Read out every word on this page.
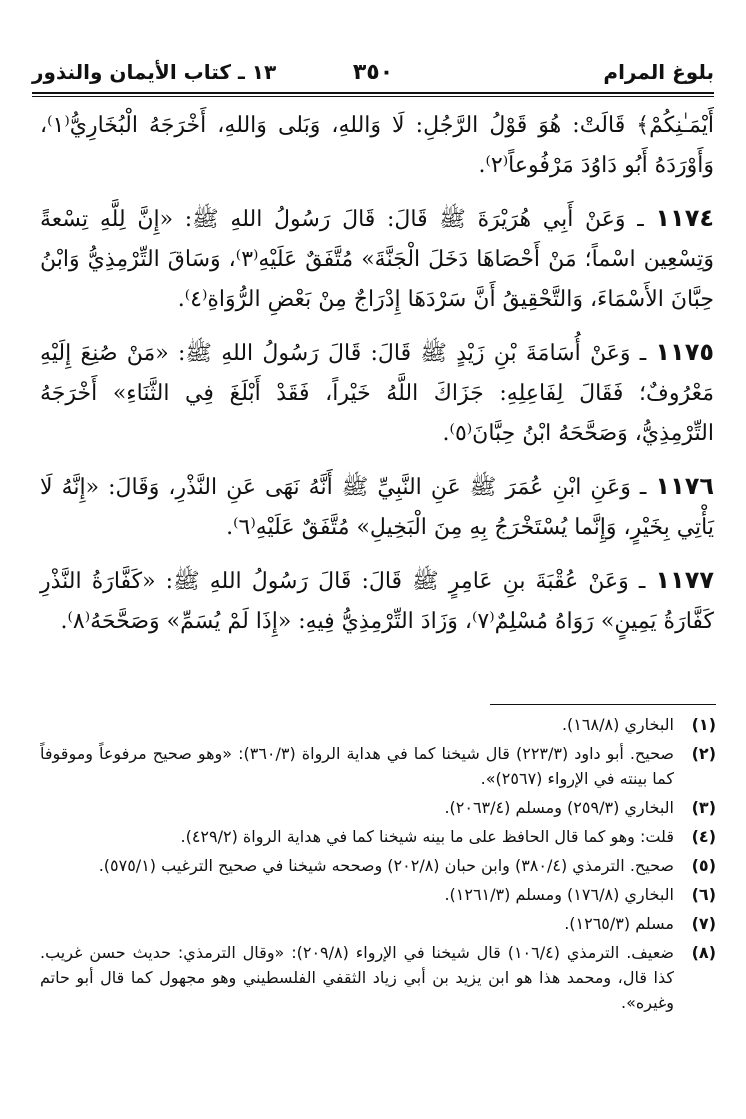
بلوغ المرام
٣٥٠
١٣ ـ كتاب الأيمان والنذور

أَيْمَـٰنِكُمْ﴾ قَالَتْ: هُوَ قَوْلُ الرَّجُلِ: لَا وَاللهِ، وَبَلى وَاللهِ، أَخْرَجَهُ الْبُخَارِيُّ⁽١⁾، وَأَوْرَدَهُ أَبُو دَاوُدَ مَرْفُوعاً⁽٢⁾.

١١٧٤ ـ وَعَنْ أَبِي هُرَيْرَةَ ﷺ قَالَ: قَالَ رَسُولُ اللهِ ﷺ: «إِنَّ لِلَّهِ تِسْعةً وَتِسْعِين اسْماً؛ مَنْ أَحْصَاهَا دَخَلَ الْجَنَّةَ» مُتَّفَقٌ عَلَيْهِ⁽٣⁾، وَسَاقَ التِّرْمِذِيُّ وَابْنُ حِبَّانَ الأَسْمَاءَ، وَالتَّحْقِيقُ أَنَّ سَرْدَهَا إِدْرَاجٌ مِنْ بَعْضِ الرُّوَاةِ⁽٤⁾.

١١٧٥ ـ وَعَنْ أُسَامَةَ بْنِ زَيْدٍ ﷺ قَالَ: قَالَ رَسُولُ اللهِ ﷺ: «مَنْ صُنِعَ إِلَيْهِ مَعْرُوفٌ؛ فَقَالَ لِفَاعِلِهِ: جَزَاكَ اللَّهُ خَيْراً، فَقَدْ أَبْلَغَ فِي الثَّنَاءِ» أَخْرَجَهُ التِّرْمِذِيُّ، وَصَحَّحَهُ ابْنُ حِبَّانَ⁽٥⁾.

١١٧٦ ـ وَعَنِ ابْنِ عُمَرَ ﷺ عَنِ النَّبِيِّ ﷺ أَنَّهُ نَهَى عَنِ النَّذْرِ، وَقَالَ: «إِنَّهُ لَا يَأْتِي بِخَيْرٍ، وَإِنَّما يُسْتَخْرَجُ بِهِ مِنَ الْبَخِيلِ» مُتَّفَقٌ عَلَيْهِ⁽٦⁾.

١١٧٧ ـ وَعَنْ عُقْبَةَ بنِ عَامِرٍ ﷺ قَالَ: قَالَ رَسُولُ اللهِ ﷺ: «كَفَّارَةُ النَّذْرِ كَفَّارَةُ يَمِينٍ» رَوَاهُ مُسْلِمٌ⁽٧⁾، وَزَادَ التِّرْمِذِيُّ فِيهِ: «إِذَا لَمْ يُسَمِّ» وَصَحَّحَهُ⁽٨⁾.

(١)
البخاري (١٦٨/٨).
(٢)
صحيح. أبو داود (٢٢٣/٣) قال شيخنا كما في هداية الرواة (٣٦٠/٣): «وهو صحيح مرفوعاً وموقوفاً كما بينته في الإرواء (٢٥٦٧)».
(٣)
البخاري (٢٥٩/٣) ومسلم (٢٠٦٣/٤).
(٤)
قلت: وهو كما قال الحافظ على ما بينه شيخنا كما في هداية الرواة (٤٢٩/٢).
(٥)
صحيح. الترمذي (٣٨٠/٤) وابن حبان (٢٠٢/٨) وصححه شيخنا في صحيح الترغيب (٥٧٥/١).
(٦)
البخاري (١٧٦/٨) ومسلم (١٢٦١/٣).
(٧)
مسلم (١٢٦٥/٣).
(٨)
ضعيف. الترمذي (١٠٦/٤) قال شيخنا في الإرواء (٢٠٩/٨): «وقال الترمذي: حديث حسن غريب. كذا قال، ومحمد هذا هو ابن يزيد بن أبي زياد الثقفي الفلسطيني وهو مجهول كما قال أبو حاتم وغيره».
